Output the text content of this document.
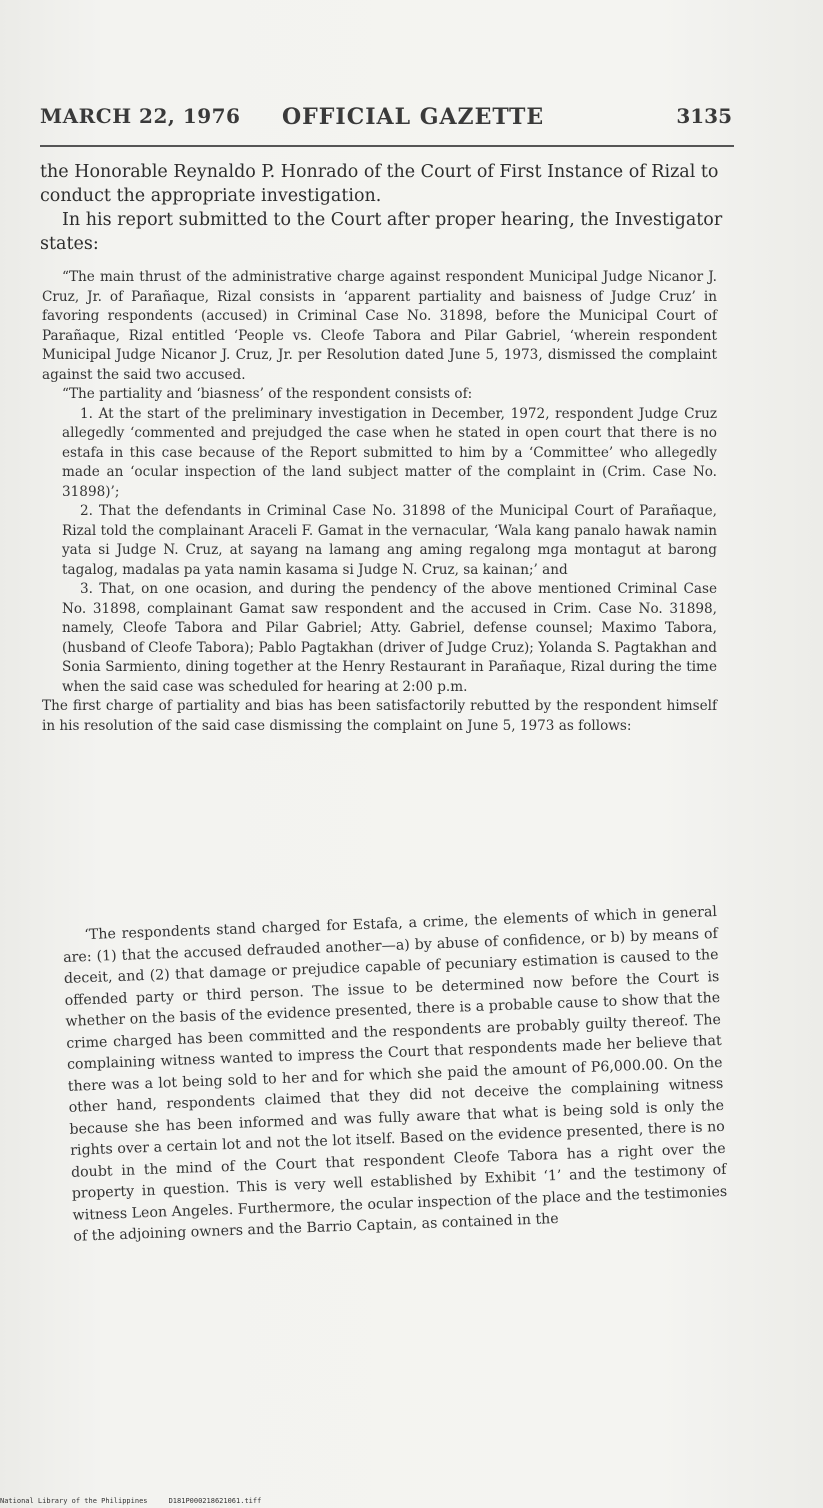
MARCH 22, 1976 OFFICIAL GAZETTE	3135

the Honorable Reynaldo P. Honrado of the Court of First Instance of Rizal to conduct the appropriate investigation.

In his report submitted to the Court after proper hearing, the Investigator states:

“The main thrust of the administrative charge against respondent Municipal Judge Nicanor J. Cruz, Jr. of Parañaque, Rizal consists in ‘apparent partiality and baisness of Judge Cruz’ in favoring respondents (accused) in Criminal Case No. 31898, before the Municipal Court of Parañaque, Rizal entitled ‘People vs. Cleofe Tabora and Pilar Gabriel, ‘wherein respondent Municipal Judge Nicanor J. Cruz, Jr. per Resolution dated June 5, 1973, dismissed the complaint against the said two accused.

“The partiality and ‘biasness’ of the respondent consists of:

1. At the start of the preliminary investigation in December, 1972, respondent Judge Cruz allegedly ‘commented and prejudged the case when he stated in open court that there is no estafa in this case because of the Report submitted to him by a ‘Committee’ who allegedly made an ‘ocular inspection of the land subject matter of the complaint in (Crim. Case No. 31898)’;

2. That the defendants in Criminal Case No. 31898 of the Municipal Court of Parañaque, Rizal told the complainant Araceli F. Gamat in the vernacular, ‘Wala kang panalo hawak namin yata si Judge N. Cruz, at sayang na lamang ang aming regalong mga montagut at barong tagalog, madalas pa yata namin kasama si Judge N. Cruz, sa kainan;’ and

3. That, on one ocasion, and during the pendency of the above mentioned Criminal Case No. 31898, complainant Gamat saw respondent and the accused in Crim. Case No. 31898, namely, Cleofe Tabora and Pilar Gabriel; Atty. Gabriel, defense counsel; Maximo Tabora, (husband of Cleofe Tabora); Pablo Pagtakhan (driver of Judge Cruz); Yolanda S. Pagtakhan and Sonia Sarmiento, dining together at the Henry Restaurant in Parañaque, Rizal during the time when the said case was scheduled for hearing at 2:00 p.m.

The first charge of partiality and bias has been satisfactorily rebutted by the respondent himself in his resolution of the said case dismissing the complaint on June 5, 1973 as follows:

‘The respondents stand charged for Estafa, a crime, the elements of which in general are: (1) that the accused defrauded another—a) by abuse of confidence, or b) by means of deceit, and (2) that damage or prejudice capable of pecuniary estimation is caused to the offended party or third person. The issue to be determined now before the Court is whether on the basis of the evidence presented, there is a probable cause to show that the crime charged has been committed and the respondents are probably guilty thereof. The complaining witness wanted to impress the Court that respondents made her believe that there was a lot being sold to her and for which she paid the amount of P6,000.00. On the other hand, respondents claimed that they did not deceive the complaining witness because she has been informed and was fully aware that what is being sold is only the rights over a certain lot and not the lot itself. Based on the evidence presented, there is no doubt in the mind of the Court that respondent Cleofe Tabora has a right over the property in question. This is very well established by Exhibit ‘1’ and the testimony of witness Leon Angeles. Furthermore, the ocular inspection of the place and the testimonies of the adjoining owners and the Barrio Captain, as contained in the

National Library of the Philippines	D181P000218621061.tiff
